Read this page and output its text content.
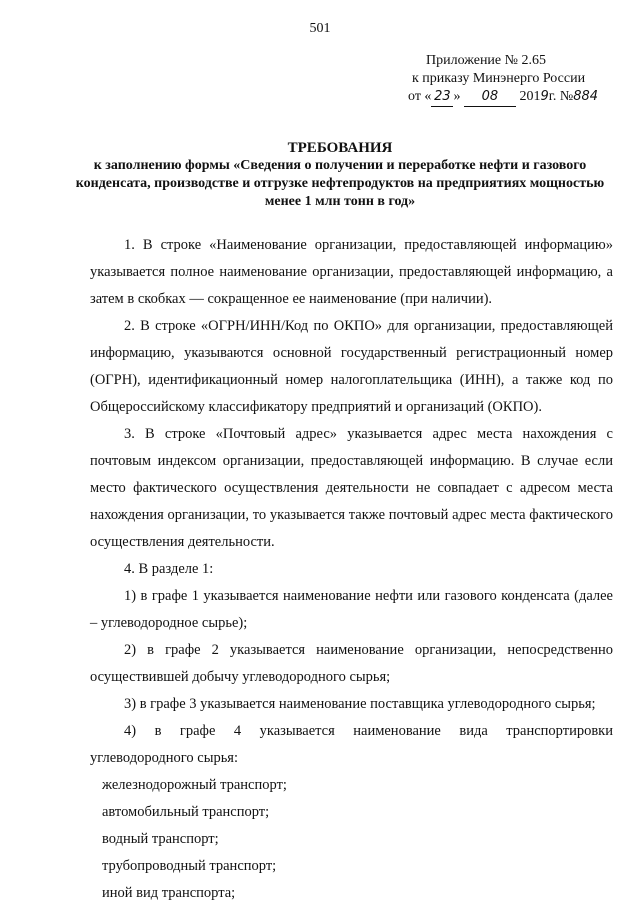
501
Приложение № 2.65
к приказу Минэнерго России
от « 23 » 08 2019г. №884
ТРЕБОВАНИЯ
к заполнению формы «Сведения о получении и переработке нефти и газового конденсата, производстве и отгрузке нефтепродуктов на предприятиях мощностью менее 1 млн тонн в год»

1. В строке «Наименование организации, предоставляющей информацию» указывается полное наименование организации, предоставляющей информацию, а затем в скобках — сокращенное ее наименование (при наличии).

2. В строке «ОГРН/ИНН/Код по ОКПО» для организации, предоставляющей информацию, указываются основной государственный регистрационный номер (ОГРН), идентификационный номер налогоплательщика (ИНН), а также код по Общероссийскому классификатору предприятий и организаций (ОКПО).

3. В строке «Почтовый адрес» указывается адрес места нахождения с почтовым индексом организации, предоставляющей информацию. В случае если место фактического осуществления деятельности не совпадает с адресом места нахождения организации, то указывается также почтовый адрес места фактического осуществления деятельности.

4. В разделе 1:

1) в графе 1 указывается наименование нефти или газового конденсата (далее – углеводородное сырье);

2) в графе 2 указывается наименование организации, непосредственно осуществившей добычу углеводородного сырья;

3) в графе 3 указывается наименование поставщика углеводородного сырья;

4) в графе 4 указывается наименование вида транспортировки углеводородного сырья:

железнодорожный транспорт;

автомобильный транспорт;

водный транспорт;

трубопроводный транспорт;

иной вид транспорта;
